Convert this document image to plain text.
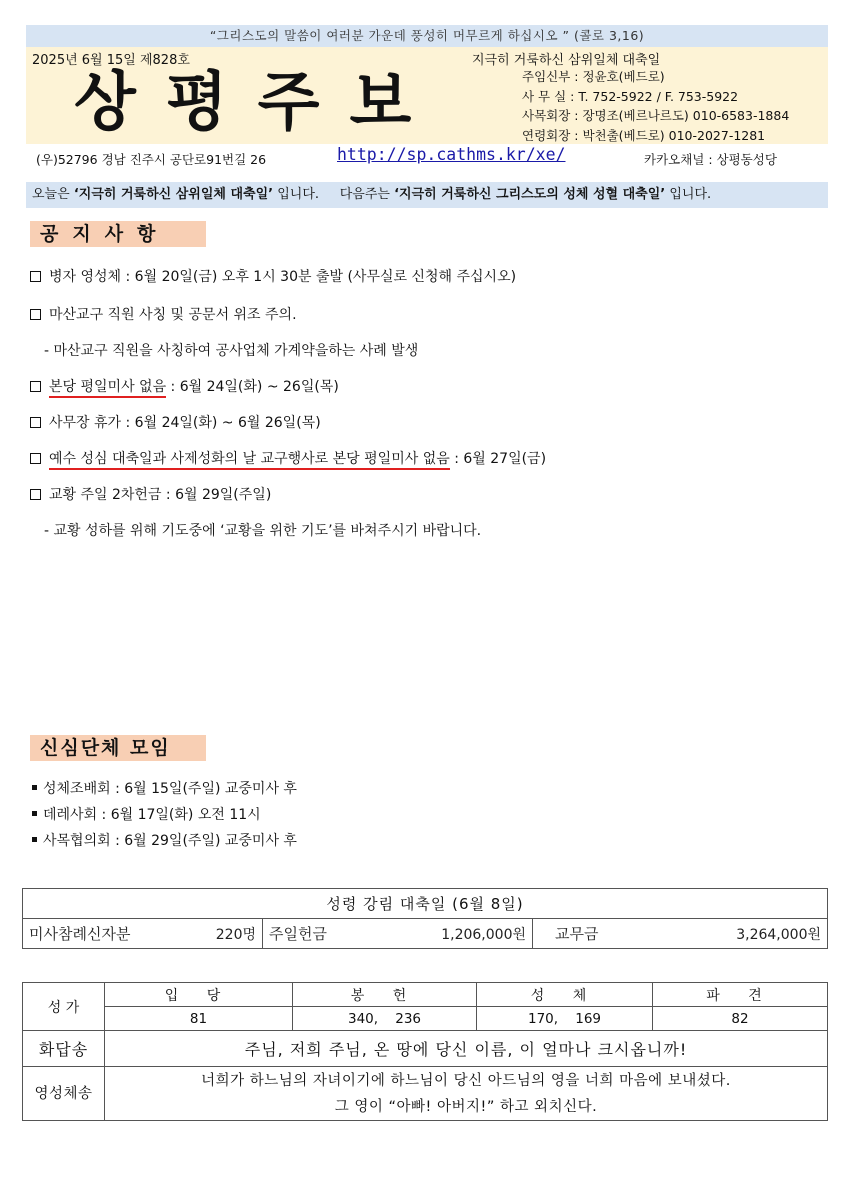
“그리스도의 말씀이 여러분 가운데 풍성히 머무르게 하십시오 ” (콜로 3,16)
2025년 6월 15일 제828호	지극히 거룩하신 삼위일체 대축일
상평주보	주임신부 : 정윤호(베드로)
사 무 실 : T. 752-5922 / F. 753-5922
사목회장 : 장명조(베르나르도) 010-6583-1884
연령회장 : 박천출(베드로) 010-2027-1281
(우)52796 경남 진주시 공단로91번길 26	http://sp.cathms.kr/xe/	카카오채널 : 상평동성당
오늘은 ‘지극히 거룩하신 삼위일체 대축일’ 입니다. 다음주는 ‘지극히 거룩하신 그리스도의 성체 성혈 대축일’ 입니다.
공지사항
병자 영성체 : 6월 20일(금) 오후 1시 30분 출발 (사무실로 신청해 주십시오)
마산교구 직원 사칭 및 공문서 위조 주의.
- 마산교구 직원을 사칭하여 공사업체 가계약을하는 사례 발생
본당 평일미사 없음 : 6월 24일(화) ~ 26일(목)
사무장 휴가 : 6월 24일(화) ~ 6월 26일(목)
예수 성심 대축일과 사제성화의 날 교구행사로 본당 평일미사 없음 : 6월 27일(금)
교황 주일 2차헌금 : 6월 29일(주일)
- 교황 성하를 위해 기도중에 ‘교황을 위한 기도’를 바쳐주시기 바랍니다.
신심단체 모임
성체조배회 : 6월 15일(주일) 교중미사 후
데레사회 : 6월 17일(화) 오전 11시
사목협의회 : 6월 29일(주일) 교중미사 후
성령 강림 대축일 (6월 8일)
미사참례신자분	220명	주일헌금	1,206,000원	교무금	3,264,000원
성 가	입 당	봉 헌	성 체	파 견
	81	340,    236	170,    169	82
화답송	주님, 저희 주님, 온 땅에 당신 이름, 이 얼마나 크시옵니까!			
영성체송	너희가 하느님의 자녀이기에 하느님이 당신 아드님의 영을 너희 마음에 보내셨다.
그 영이 “아빠! 아버지!” 하고 외치신다.			
